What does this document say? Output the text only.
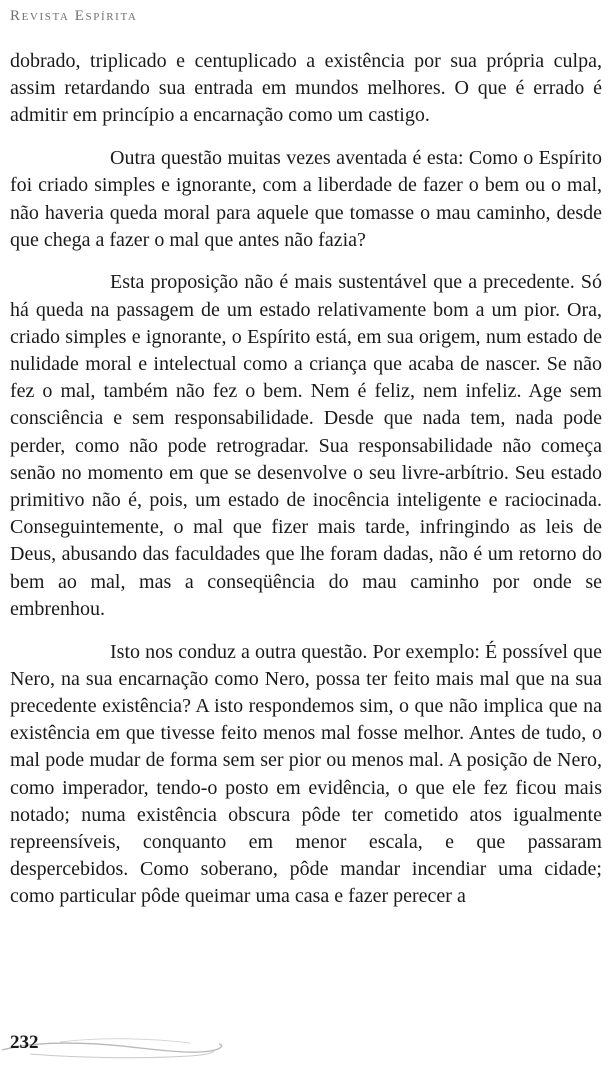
Revista Espírita

dobrado, triplicado e centuplicado a existência por sua própria culpa, assim retardando sua entrada em mundos melhores. O que é errado é admitir em princípio a encarnação como um castigo.

Outra questão muitas vezes aventada é esta: Como o Espírito foi criado simples e ignorante, com a liberdade de fazer o bem ou o mal, não haveria queda moral para aquele que tomasse o mau caminho, desde que chega a fazer o mal que antes não fazia?

Esta proposição não é mais sustentável que a precedente. Só há queda na passagem de um estado relativamente bom a um pior. Ora, criado simples e ignorante, o Espírito está, em sua origem, num estado de nulidade moral e intelectual como a criança que acaba de nascer. Se não fez o mal, também não fez o bem. Nem é feliz, nem infeliz. Age sem consciência e sem responsabilidade. Desde que nada tem, nada pode perder, como não pode retrogradar. Sua responsabilidade não começa senão no momento em que se desenvolve o seu livre-arbítrio. Seu estado primitivo não é, pois, um estado de inocência inteligente e raciocinada. Conseguintemente, o mal que fizer mais tarde, infringindo as leis de Deus, abusando das faculdades que lhe foram dadas, não é um retorno do bem ao mal, mas a conseqüência do mau caminho por onde se embrenhou.

Isto nos conduz a outra questão. Por exemplo: É possível que Nero, na sua encarnação como Nero, possa ter feito mais mal que na sua precedente existência? A isto respondemos sim, o que não implica que na existência em que tivesse feito menos mal fosse melhor. Antes de tudo, o mal pode mudar de forma sem ser pior ou menos mal. A posição de Nero, como imperador, tendo-o posto em evidência, o que ele fez ficou mais notado; numa existência obscura pôde ter cometido atos igualmente repreensíveis, conquanto em menor escala, e que passaram despercebidos. Como soberano, pôde mandar incendiar uma cidade; como particular pôde queimar uma casa e fazer perecer a

232
